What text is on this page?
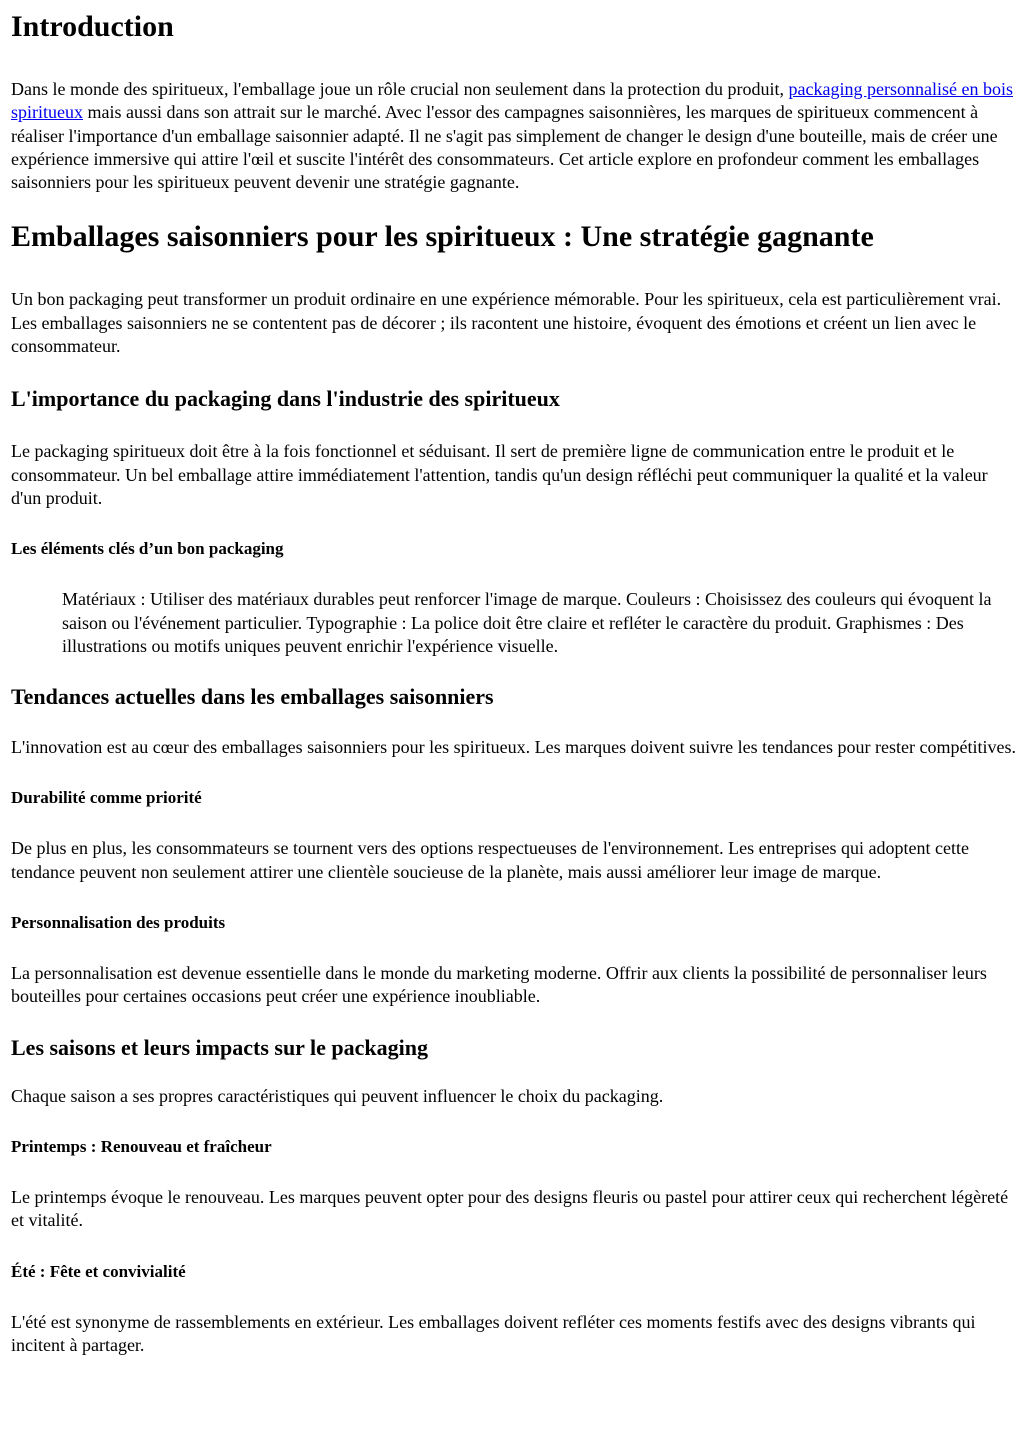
Introduction

Dans le monde des spiritueux, l'emballage joue un rôle crucial non seulement dans la protection du produit, packaging personnalisé en bois spiritueux mais aussi dans son attrait sur le marché. Avec l'essor des campagnes saisonnières, les marques de spiritueux commencent à réaliser l'importance d'un emballage saisonnier adapté. Il ne s'agit pas simplement de changer le design d'une bouteille, mais de créer une expérience immersive qui attire l'œil et suscite l'intérêt des consommateurs. Cet article explore en profondeur comment les emballages saisonniers pour les spiritueux peuvent devenir une stratégie gagnante.

Emballages saisonniers pour les spiritueux : Une stratégie gagnante

Un bon packaging peut transformer un produit ordinaire en une expérience mémorable. Pour les spiritueux, cela est particulièrement vrai. Les emballages saisonniers ne se contentent pas de décorer ; ils racontent une histoire, évoquent des émotions et créent un lien avec le consommateur.

L'importance du packaging dans l'industrie des spiritueux

Le packaging spiritueux doit être à la fois fonctionnel et séduisant. Il sert de première ligne de communication entre le produit et le consommateur. Un bel emballage attire immédiatement l'attention, tandis qu'un design réfléchi peut communiquer la qualité et la valeur d'un produit.

Les éléments clés d’un bon packaging
Matériaux : Utiliser des matériaux durables peut renforcer l'image de marque. Couleurs : Choisissez des couleurs qui évoquent la saison ou l'événement particulier. Typographie : La police doit être claire et refléter le caractère du produit. Graphismes : Des illustrations ou motifs uniques peuvent enrichir l'expérience visuelle.
Tendances actuelles dans les emballages saisonniers

L'innovation est au cœur des emballages saisonniers pour les spiritueux. Les marques doivent suivre les tendances pour rester compétitives.

Durabilité comme priorité

De plus en plus, les consommateurs se tournent vers des options respectueuses de l'environnement. Les entreprises qui adoptent cette tendance peuvent non seulement attirer une clientèle soucieuse de la planète, mais aussi améliorer leur image de marque.

Personnalisation des produits

La personnalisation est devenue essentielle dans le monde du marketing moderne. Offrir aux clients la possibilité de personnaliser leurs bouteilles pour certaines occasions peut créer une expérience inoubliable.

Les saisons et leurs impacts sur le packaging

Chaque saison a ses propres caractéristiques qui peuvent influencer le choix du packaging.

Printemps : Renouveau et fraîcheur

Le printemps évoque le renouveau. Les marques peuvent opter pour des designs fleuris ou pastel pour attirer ceux qui recherchent légèreté et vitalité.

Été : Fête et convivialité

L'été est synonyme de rassemblements en extérieur. Les emballages doivent refléter ces moments festifs avec des designs vibrants qui incitent à partager.
